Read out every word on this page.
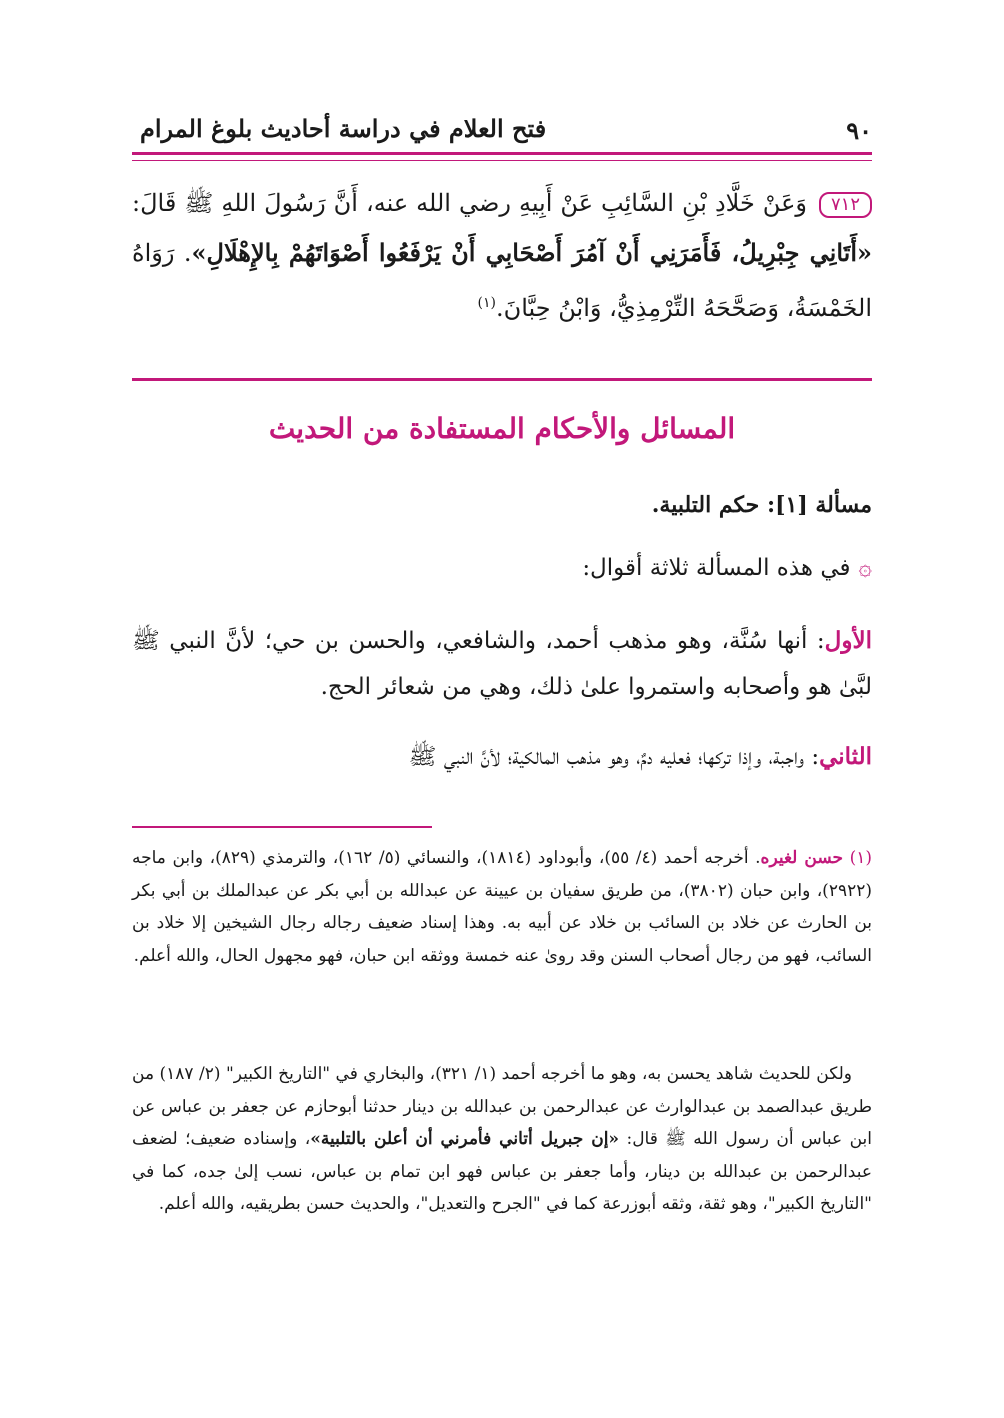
٩٠
فتح العلام في دراسة أحاديث بلوغ المرام
٧١٢وَعَنْ خَلَّادِ بْنِ السَّائِبِ عَنْ أَبِيهِ رضي الله عنه، أَنَّ رَسُولَ اللهِ ﷺ قَالَ: «أَتَانِي جِبْرِيلُ، فَأَمَرَنِي أَنْ آمُرَ أَصْحَابِي أَنْ يَرْفَعُوا أَصْوَاتَهُمْ بِالإِهْلَالِ». رَوَاهُ الخَمْسَةُ، وَصَحَّحَهُ التِّرْمِذِيُّ، وَابْنُ حِبَّانَ.$^{(١)}$
المسائل والأحكام المستفادة من الحديث
مسألة [١]: حكم التلبية.
۞في هذه المسألة ثلاثة أقوال:
الأول: أنها سُنَّة، وهو مذهب أحمد، والشافعي، والحسن بن حي؛ لأنَّ النبي ﷺ لبَّىٰ هو وأصحابه واستمروا علىٰ ذلك، وهي من شعائر الحج.
الثاني: واجبة، وإذا تركها؛ فعليه دمٌ، وهو مذهب المالكية؛ لأنَّ النبي ﷺ
(١) حسن لغيره. أخرجه أحمد (٤/ ٥٥)، وأبوداود (١٨١٤)، والنسائي (٥/ ١٦٢)، والترمذي (٨٢٩)، وابن ماجه (٢٩٢٢)، وابن حبان (٣٨٠٢)، من طريق سفيان بن عيينة عن عبدالله بن أبي بكر عن عبدالملك بن أبي بكر بن الحارث عن خلاد بن السائب بن خلاد عن أبيه به. وهذا إسناد ضعيف رجاله رجال الشيخين إلا خلاد بن السائب، فهو من رجال أصحاب السنن وقد روىٰ عنه خمسة ووثقه ابن حبان، فهو مجهول الحال، والله أعلم.
ولكن للحديث شاهد يحسن به، وهو ما أخرجه أحمد (١/ ٣٢١)، والبخاري في "التاريخ الكبير" (٢/ ١٨٧) من طريق عبدالصمد بن عبدالوارث عن عبدالرحمن بن عبدالله بن دينار حدثنا أبوحازم عن جعفر بن عباس عن ابن عباس أن رسول الله ﷺ قال: «إن جبريل أتاني فأمرني أن أعلن بالتلبية»، وإسناده ضعيف؛ لضعف عبدالرحمن بن عبدالله بن دينار، وأما جعفر بن عباس فهو ابن تمام بن عباس، نسب إلىٰ جده، كما في "التاريخ الكبير"، وهو ثقة، وثقه أبوزرعة كما في "الجرح والتعديل"، والحديث حسن بطريقيه، والله أعلم.
